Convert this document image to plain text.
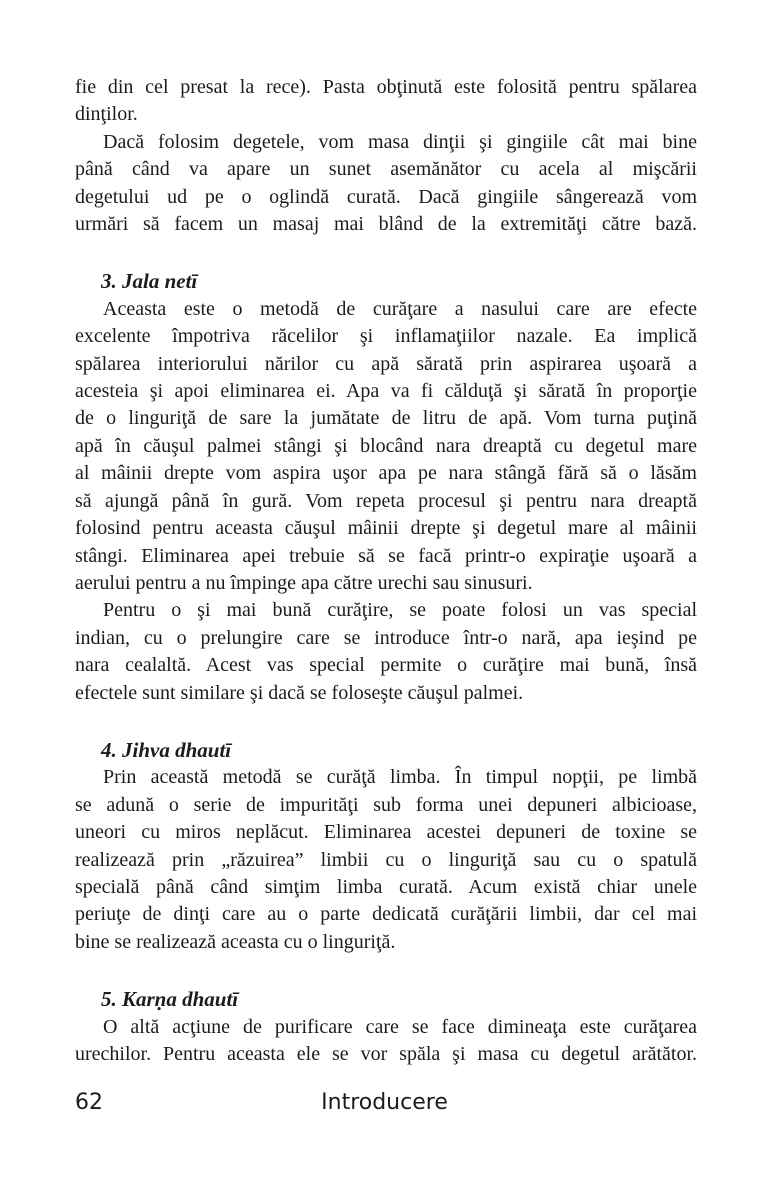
fie din cel presat la rece). Pasta obţinută este folosită pentru spălarea
dinţilor.

Dacă folosim degetele, vom masa dinţii şi gingiile cât mai bine
până când va apare un sunet asemănător cu acela al mişcării
degetului ud pe o oglindă curată. Dacă gingiile sângerează vom
urmări să facem un masaj mai blând de la extremităţi către bază.

3. Jala netī

Aceasta este o metodă de curăţare a nasului care are efecte
excelente împotriva răcelilor şi inflamaţiilor nazale. Ea implică
spălarea interiorului nărilor cu apă sărată prin aspirarea uşoară a
acesteia şi apoi eliminarea ei. Apa va fi călduţă şi sărată în proporţie
de o linguriţă de sare la jumătate de litru de apă. Vom turna puţină
apă în căuşul palmei stângi şi blocând nara dreaptă cu degetul mare
al mâinii drepte vom aspira uşor apa pe nara stângă fără să o lăsăm
să ajungă până în gură. Vom repeta procesul şi pentru nara dreaptă
folosind pentru aceasta căuşul mâinii drepte şi degetul mare al mâinii
stângi. Eliminarea apei trebuie să se facă printr-o expiraţie uşoară a
aerului pentru a nu împinge apa către urechi sau sinusuri.

Pentru o şi mai bună curăţire, se poate folosi un vas special
indian, cu o prelungire care se introduce într-o nară, apa ieşind pe
nara cealaltă. Acest vas special permite o curăţire mai bună, însă
efectele sunt similare şi dacă se foloseşte căuşul palmei.

4. Jihva dhautī

Prin această metodă se curăţă limba. În timpul nopţii, pe limbă
se adună o serie de impurităţi sub forma unei depuneri albicioase,
uneori cu miros neplăcut. Eliminarea acestei depuneri de toxine se
realizează prin „răzuirea” limbii cu o linguriţă sau cu o spatulă
specială până când simţim limba curată. Acum există chiar unele
periuţe de dinţi care au o parte dedicată curăţării limbii, dar cel mai
bine se realizează aceasta cu o linguriţă.

5. Karṇa dhautī

O altă acţiune de purificare care se face dimineaţa este curăţarea
urechilor. Pentru aceasta ele se vor spăla şi masa cu degetul arătător.

62	Introducere
